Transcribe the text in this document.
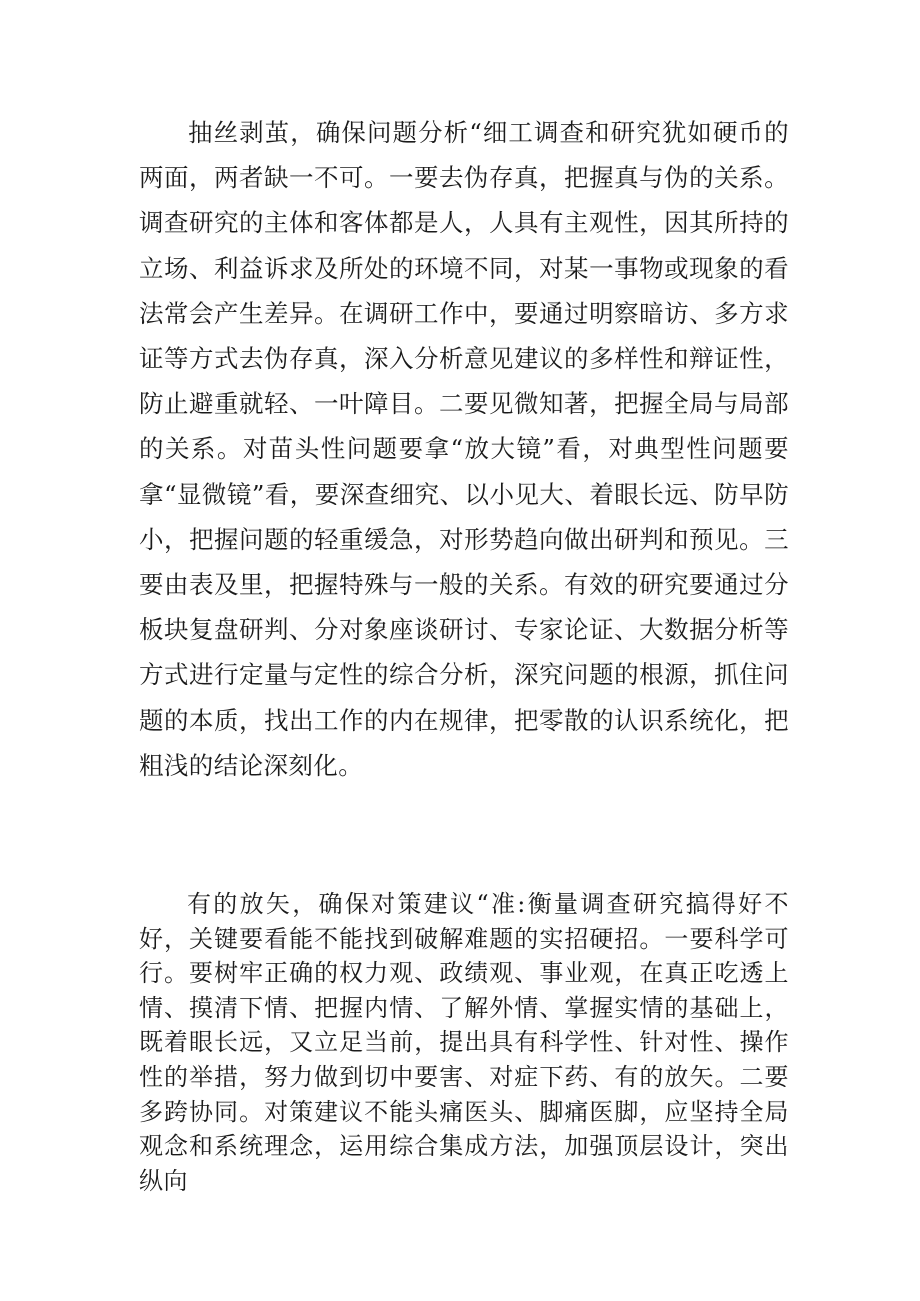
抽丝剥茧，确保问题分析“细工调查和研究犹如硬币的两面，两者缺一不可。一要去伪存真，把握真与伪的关系。调查研究的主体和客体都是人，人具有主观性，因其所持的立场、利益诉求及所处的环境不同，对某一事物或现象的看法常会产生差异。在调研工作中，要通过明察暗访、多方求证等方式去伪存真，深入分析意见建议的多样性和辩证性，防止避重就轻、一叶障目。二要见微知著，把握全局与局部的关系。对苗头性问题要拿“放大镜”看，对典型性问题要拿“显微镜”看，要深查细究、以小见大、着眼长远、防早防小，把握问题的轻重缓急，对形势趋向做出研判和预见。三要由表及里，把握特殊与一般的关系。有效的研究要通过分板块复盘研判、分对象座谈研讨、专家论证、大数据分析等方式进行定量与定性的综合分析，深究问题的根源，抓住问题的本质，找出工作的内在规律，把零散的认识系统化，把粗浅的结论深刻化。

有的放矢，确保对策建议“准:衡量调查研究搞得好不好，关键要看能不能找到破解难题的实招硬招。一要科学可行。要树牢正确的权力观、政绩观、事业观，在真正吃透上情、摸清下情、把握内情、了解外情、掌握实情的基础上，既着眼长远，又立足当前，提出具有科学性、针对性、操作性的举措，努力做到切中要害、对症下药、有的放矢。二要多跨协同。对策建议不能头痛医头、脚痛医脚，应坚持全局观念和系统理念，运用综合集成方法，加强顶层设计，突出纵向
